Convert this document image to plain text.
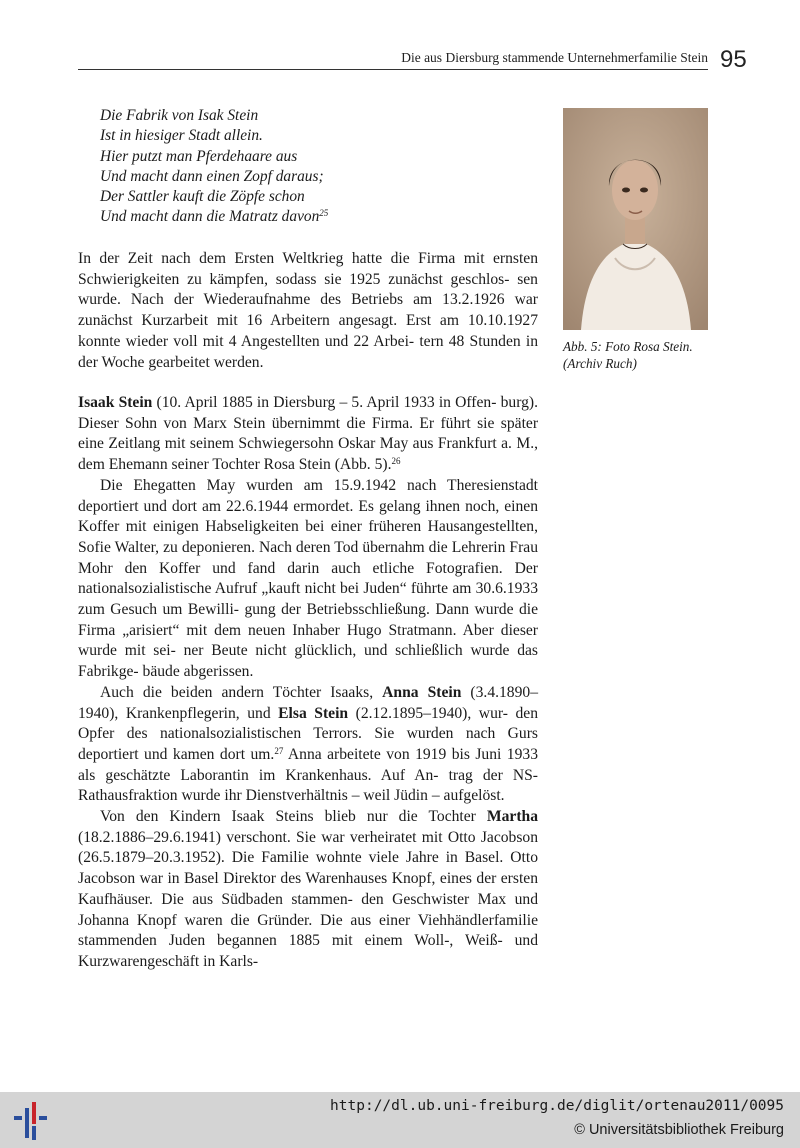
Die aus Diersburg stammende Unternehmerfamilie Stein 95
Die Fabrik von Isak Stein
Ist in hiesiger Stadt allein.
Hier putzt man Pferdehaare aus
Und macht dann einen Zopf daraus;
Der Sattler kauft die Zöpfe schon
Und macht dann die Matratz davon$^{25}$
In der Zeit nach dem Ersten Weltkrieg hatte die Firma mit ernsten Schwierigkeiten zu kämpfen, sodass sie 1925 zunächst geschlos- sen wurde. Nach der Wiederaufnahme des Betriebs am 13.2.1926 war zunächst Kurzarbeit mit 16 Arbeitern angesagt. Erst am 10.10.1927 konnte wieder voll mit 4 Angestellten und 22 Arbei- tern 48 Stunden in der Woche gearbeitet werden.

Isaak Stein (10. April 1885 in Diersburg – 5. April 1933 in Offen- burg). Dieser Sohn von Marx Stein übernimmt die Firma. Er führt sie später eine Zeitlang mit seinem Schwiegersohn Oskar May aus Frankfurt a. M., dem Ehemann seiner Tochter Rosa Stein (Abb. 5).$^{26}$

Die Ehegatten May wurden am 15.9.1942 nach Theresienstadt deportiert und dort am 22.6.1944 ermordet. Es gelang ihnen noch, einen Koffer mit einigen Habseligkeiten bei einer früheren Hausangestellten, Sofie Walter, zu deponieren. Nach deren Tod übernahm die Lehrerin Frau Mohr den Koffer und fand darin auch etliche Fotografien. Der nationalsozialistische Aufruf „kauft nicht bei Juden“ führte am 30.6.1933 zum Gesuch um Bewilli- gung der Betriebsschließung. Dann wurde die Firma „arisiert“ mit dem neuen Inhaber Hugo Stratmann. Aber dieser wurde mit sei- ner Beute nicht glücklich, und schließlich wurde das Fabrikge- bäude abgerissen.

Auch die beiden andern Töchter Isaaks, Anna Stein (3.4.1890– 1940), Krankenpflegerin, und Elsa Stein (2.12.1895–1940), wur- den Opfer des nationalsozialistischen Terrors. Sie wurden nach Gurs deportiert und kamen dort um.$^{27}$ Anna arbeitete von 1919 bis Juni 1933 als geschätzte Laborantin im Krankenhaus. Auf An- trag der NS-Rathausfraktion wurde ihr Dienstverhältnis – weil Jüdin – aufgelöst.

Von den Kindern Isaak Steins blieb nur die Tochter Martha (18.2.1886–29.6.1941) verschont. Sie war verheiratet mit Otto Jacobson (26.5.1879–20.3.1952). Die Familie wohnte viele Jahre in Basel. Otto Jacobson war in Basel Direktor des Warenhauses Knopf, eines der ersten Kaufhäuser. Die aus Südbaden stammen- den Geschwister Max und Johanna Knopf waren die Gründer. Die aus einer Viehhändlerfamilie stammenden Juden begannen 1885 mit einem Woll-, Weiß- und Kurzwarengeschäft in Karls-

Abb. 5: Foto Rosa Stein.
(Archiv Ruch)
http://dl.ub.uni-freiburg.de/diglit/ortenau2011/0095
© Universitätsbibliothek Freiburg
